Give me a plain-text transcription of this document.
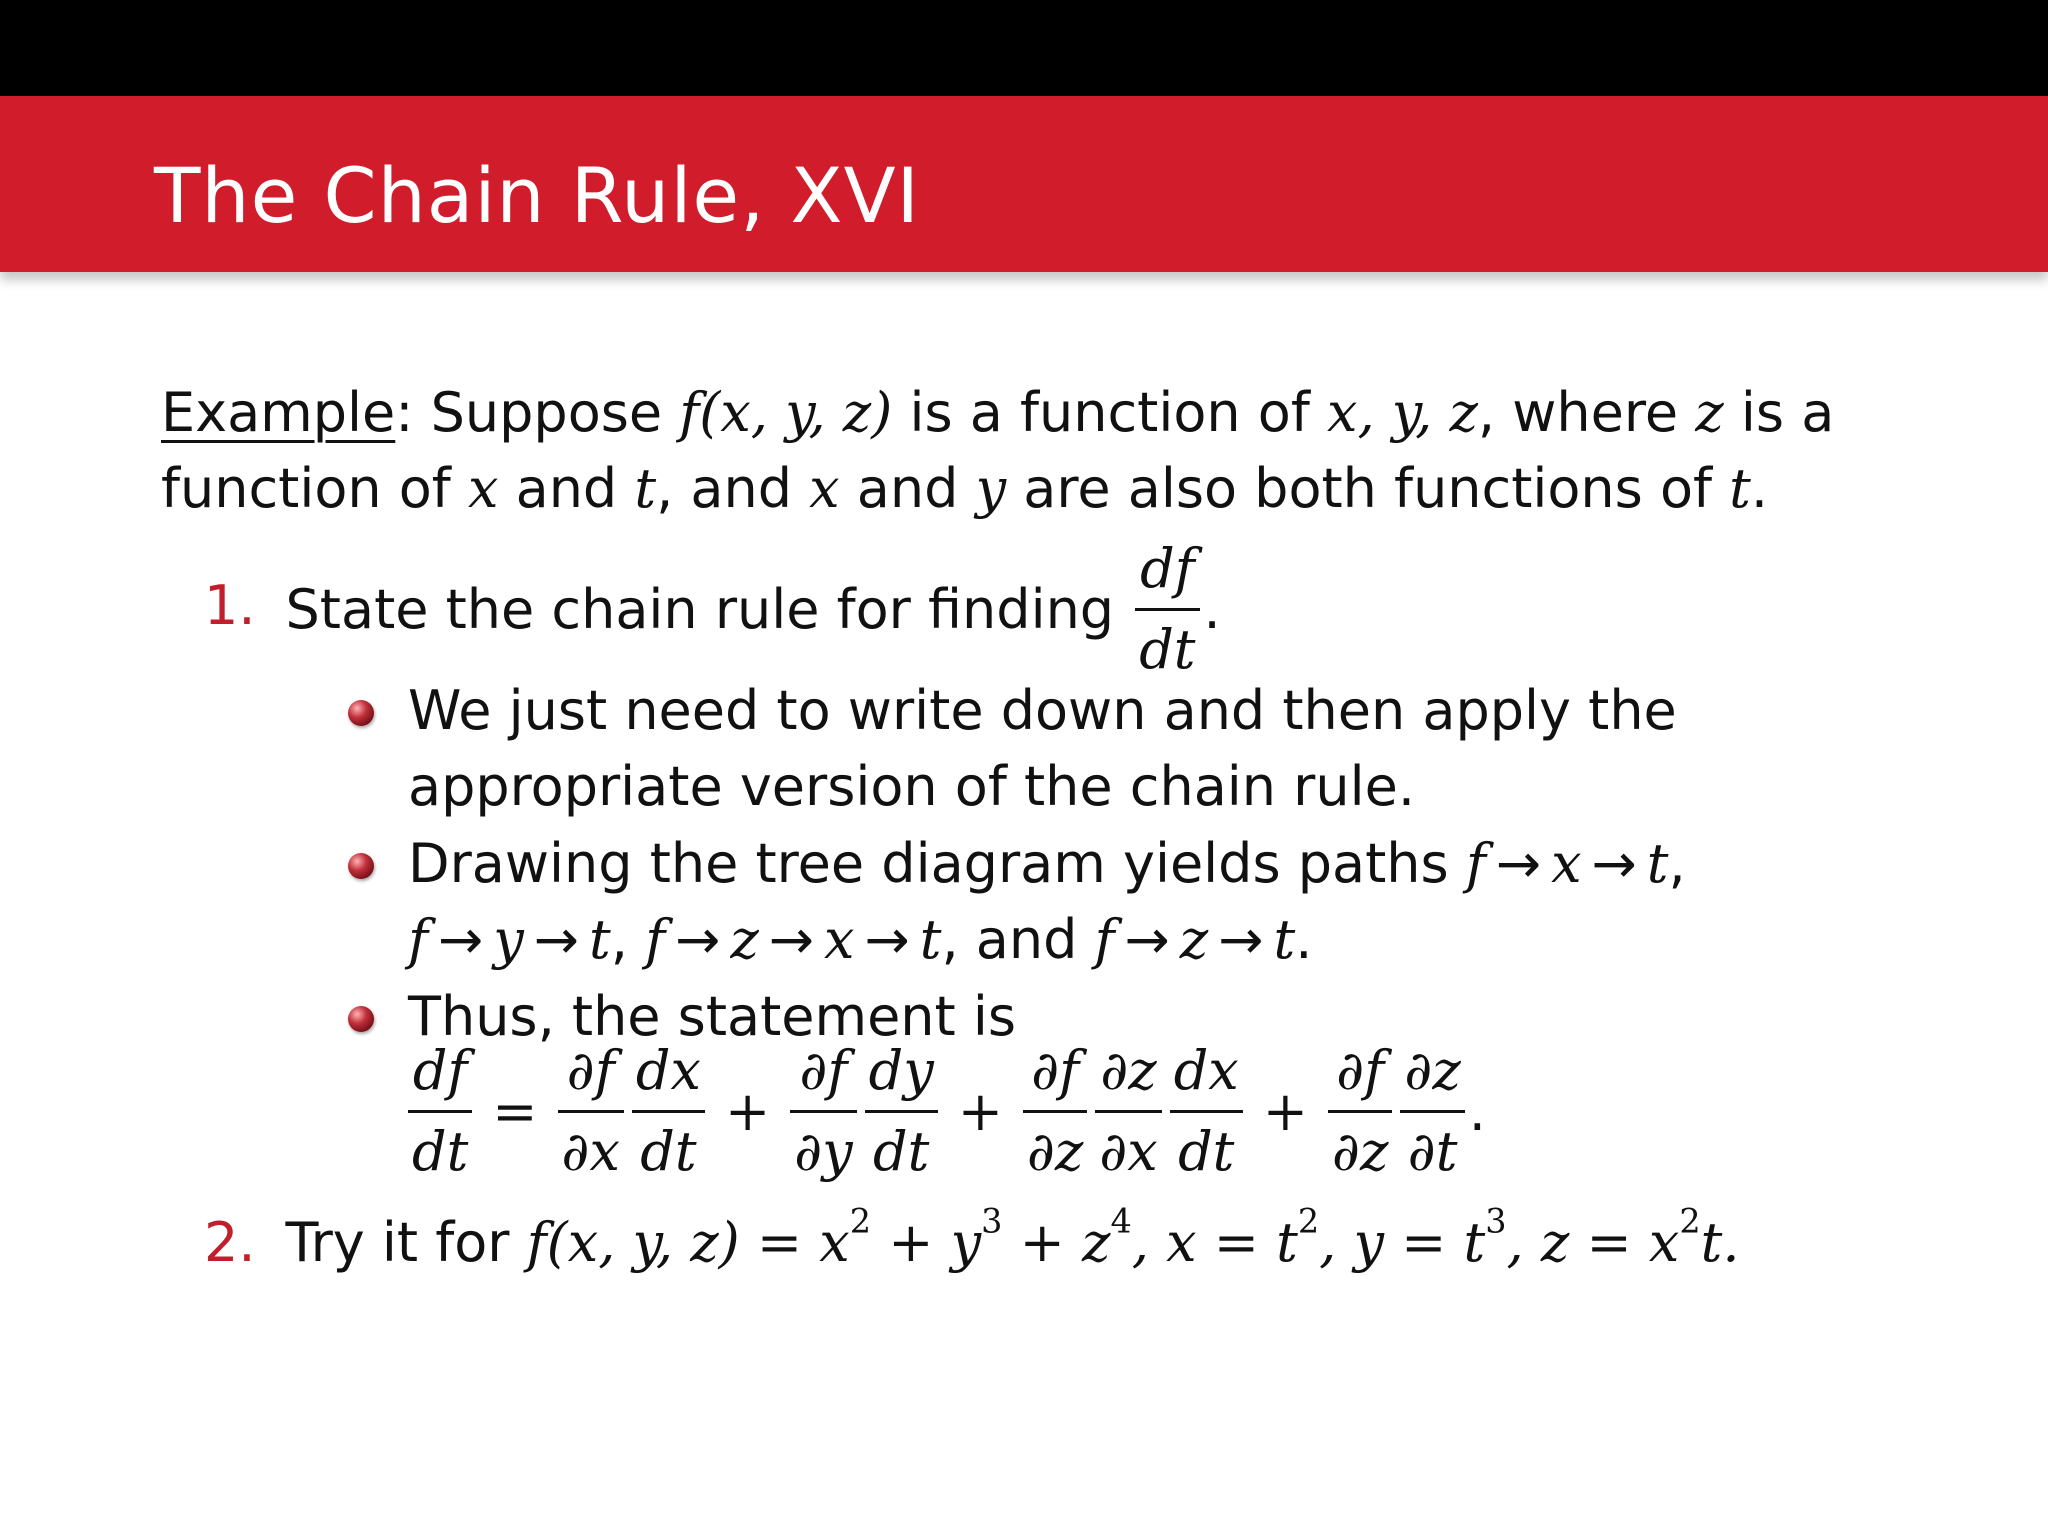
The Chain Rule, XVI
Example: Suppose f(x, y, z) is a function of x, y, z, where z is a
function of x and t, and x and y are also both functions of t.
1. State the chain rule for finding $\frac{df}{dt}$ .
We just need to write down and then apply the
appropriate version of the chain rule.
Drawing the tree diagram yields paths f → x → t,
f → y → t, f → z → x → t, and f → z → t.
Thus, the statement is
$\frac{df}{dt} = \frac{\partial f}{\partial x} \frac{dx}{dt} + \frac{\partial f}{\partial y} \frac{dy}{dt} + \frac{\partial f}{\partial z} \frac{\partial z}{\partial x} \frac{dx}{dt} + \frac{\partial f}{\partial z} \frac{\partial z}{\partial t}$ .
2. Try it for f(x, y, $z) = x^2 + y^3 + z^4$, $x = t^2$, $y = t^3$, $z = x^2t$.
